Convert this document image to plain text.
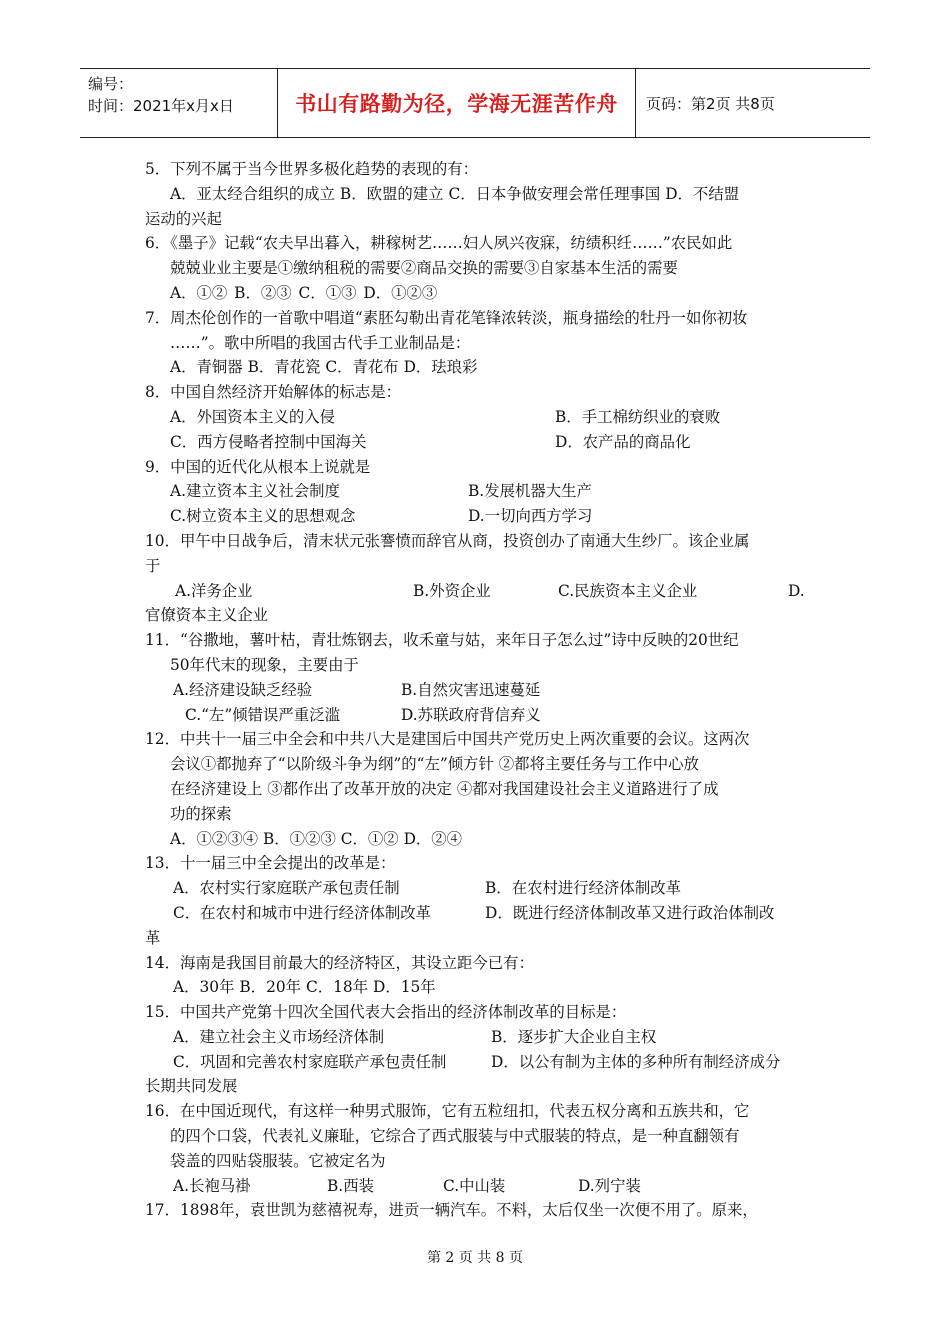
编号：
时间：2021年x月x日	书山有路勤为径，学海无涯苦作舟 页码：第2页 共8页
5．下列不属于当今世界多极化趋势的表现的有：
A．亚太经合组织的成立 B．欧盟的建立 C．日本争做安理会常任理事国 D．不结盟
运动的兴起
6．《墨子》记载“农夫早出暮入，耕稼树艺……妇人夙兴夜寐，纺绩积纴……”农民如此
兢兢业业主要是①缴纳租税的需要②商品交换的需要③自家基本生活的需要
A．①② B．②③ C．①③ D．①②③
7．周杰伦创作的一首歌中唱道“素胚勾勒出青花笔锋浓转淡，瓶身描绘的牡丹一如你初妆
……”。歌中所唱的我国古代手工业制品是：
A．青铜器 B．青花瓷 C．青花布 D．珐琅彩
8．中国自然经济开始解体的标志是：
A．外国资本主义的入侵	B．手工棉纺织业的衰败
C．西方侵略者控制中国海关	D．农产品的商品化
9．中国的近代化从根本上说就是
A.建立资本主义社会制度	B.发展机器大生产
C.树立资本主义的思想观念	D.一切向西方学习
10．甲午中日战争后，清末状元张謇愤而辞官从商，投资创办了南通大生纱厂。该企业属
于
A.洋务企业	B.外资企业	C.民族资本主义企业	D.
官僚资本主义企业
11．“谷撒地，薯叶枯，青壮炼钢去，收禾童与姑，来年日子怎么过”诗中反映的20世纪
50年代末的现象，主要由于
A.经济建设缺乏经验	B.自然灾害迅速蔓延
C.“左”倾错误严重泛滥	D.苏联政府背信弃义
12．中共十一届三中全会和中共八大是建国后中国共产党历史上两次重要的会议。这两次
会议①都抛弃了“以阶级斗争为纲”的“左”倾方针 ②都将主要任务与工作中心放
在经济建设上 ③都作出了改革开放的决定 ④都对我国建设社会主义道路进行了成
功的探索
A．①②③④ B．①②③ C．①② D．②④
13．十一届三中全会提出的改革是：
A．农村实行家庭联产承包责任制	B．在农村进行经济体制改革
C．在农村和城市中进行经济体制改革	D．既进行经济体制改革又进行政治体制改
革
14．海南是我国目前最大的经济特区，其设立距今已有：
A．30年 B．20年 C．18年 D．15年
15．中国共产党第十四次全国代表大会指出的经济体制改革的目标是：
A．建立社会主义市场经济体制	B．逐步扩大企业自主权
C．巩固和完善农村家庭联产承包责任制	D．以公有制为主体的多种所有制经济成分
长期共同发展
16．在中国近现代，有这样一种男式服饰，它有五粒纽扣，代表五权分离和五族共和，它
的四个口袋，代表礼义廉耻，它综合了西式服装与中式服装的特点，是一种直翻领有
袋盖的四贴袋服装。它被定名为
A.长袍马褂	B.西装	C.中山装	D.列宁装
17．1898年，袁世凯为慈禧祝寿，进贡一辆汽车。不料，太后仅坐一次便不用了。原来，
第 2 页 共 8 页
